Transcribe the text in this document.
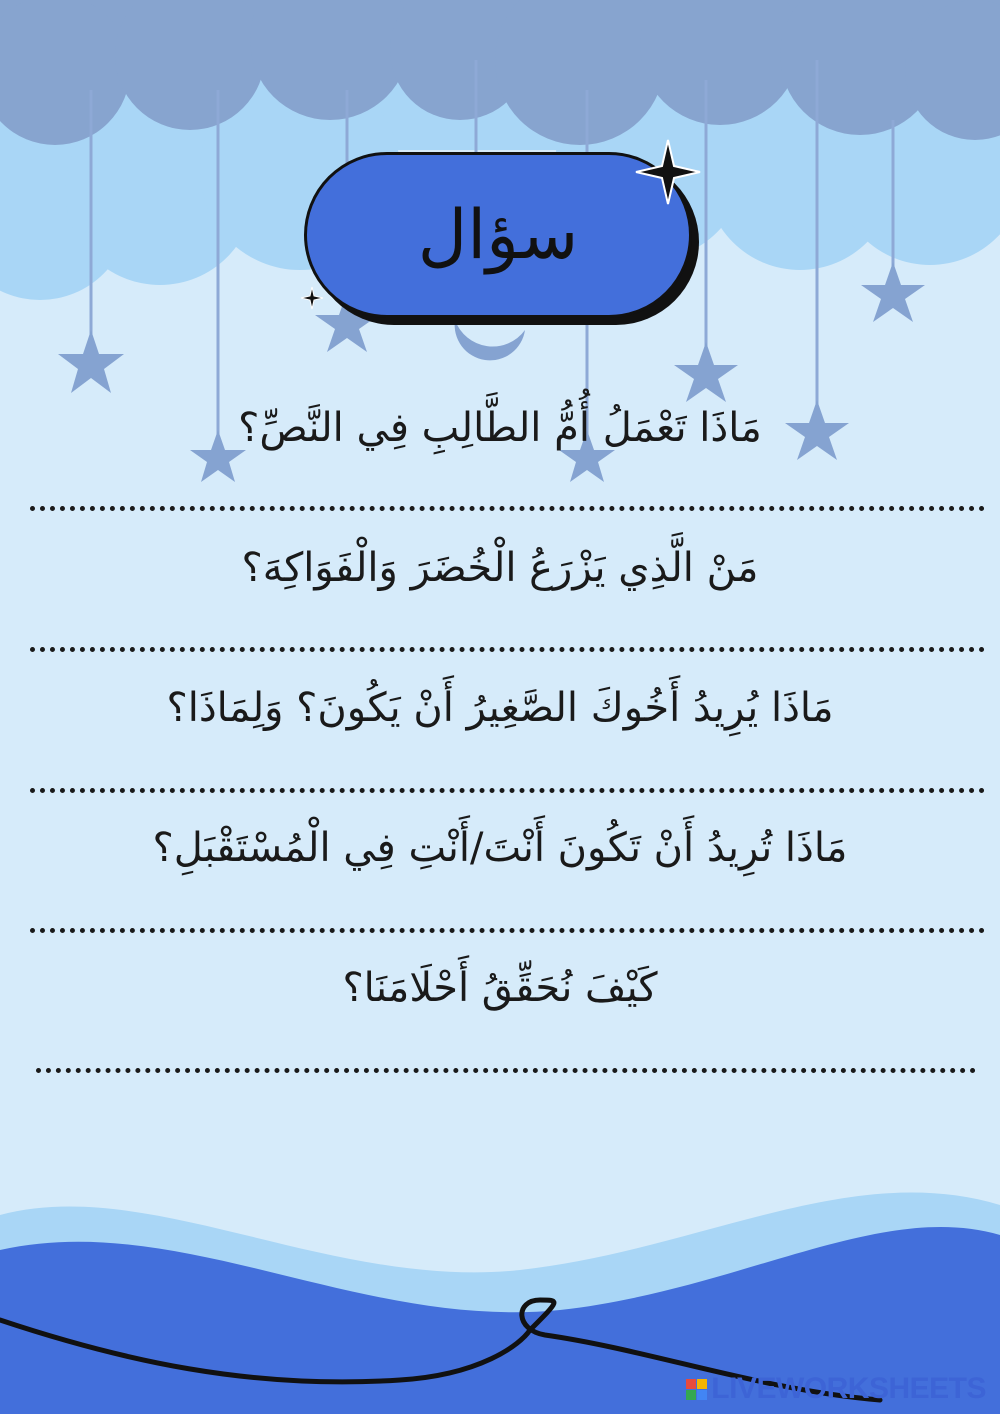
سؤال
مَاذَا تَعْمَلُ أُمُّ الطَّالِبِ فِي النَّصِّ؟
مَنْ الَّذِي يَزْرَعُ الْخُضَرَ وَالْفَوَاكِهَ؟
مَاذَا يُرِيدُ أَخُوكَ الصَّغِيرُ أَنْ يَكُونَ؟ وَلِمَاذَا؟
مَاذَا تُرِيدُ أَنْ تَكُونَ أَنْتَ/أَنْتِ فِي الْمُسْتَقْبَلِ؟
كَيْفَ نُحَقِّقُ أَحْلَامَنَا؟
LIVEWORKSHEETS
